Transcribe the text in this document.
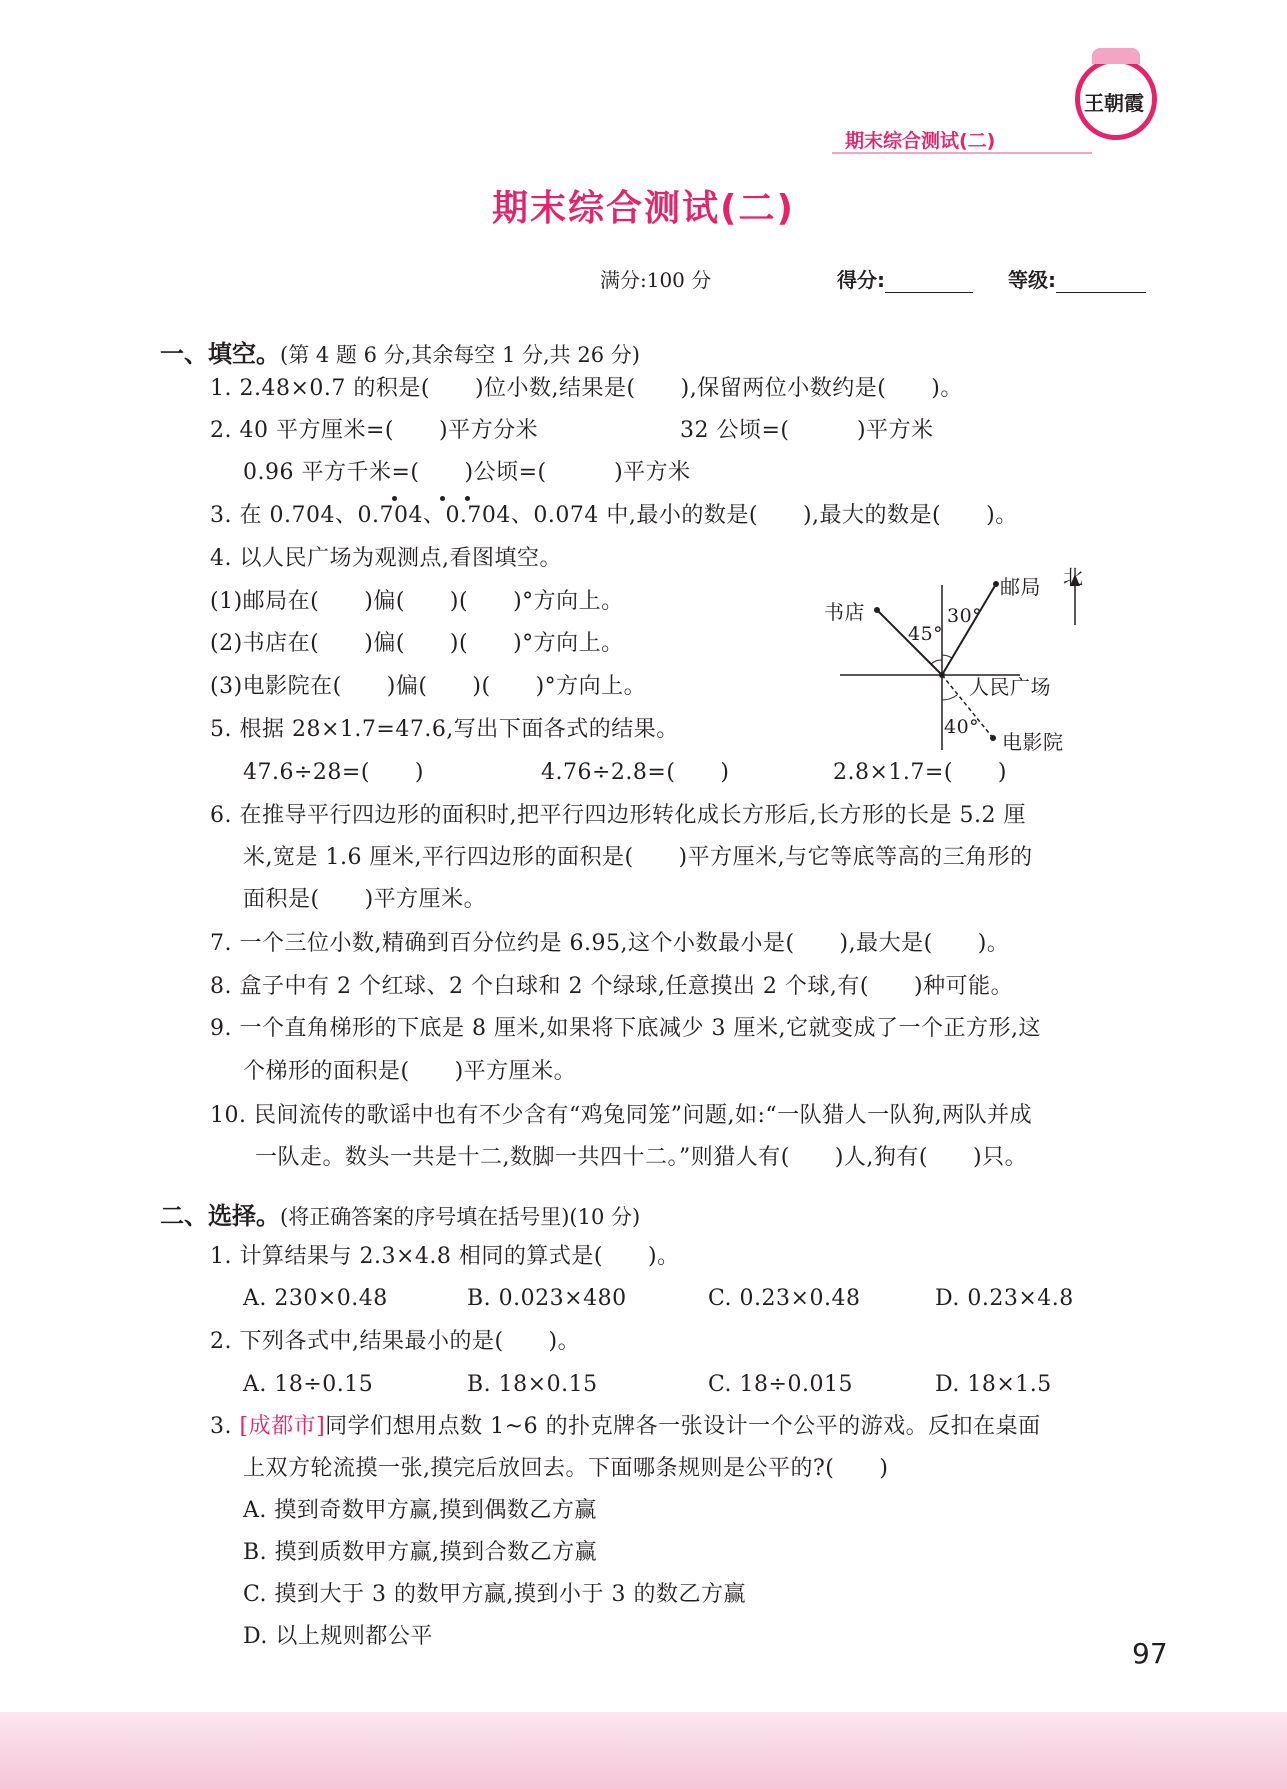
王朝霞
期末综合测试(二)
期末综合测试(二)
满分:100 分	得分:	等级:
一、填空。(第 4 题 6 分,其余每空 1 分,共 26 分)
1. 2.48×0.7 的积是(　　)位小数,结果是(　　),保留两位小数约是(　　)。
2. 40 平方厘米=(　　)平方分米	32 公顷=(　　　)平方米
0.96 平方千米=(　　)公顷=(　　　)平方米
3. 在 0.704、0.704、0.704、0.074 中,最小的数是(　　),最大的数是(　　)。
4. 以人民广场为观测点,看图填空。
(1)邮局在(　　)偏(　　)(　　)°方向上。
(2)书店在(　　)偏(　　)(　　)°方向上。
(3)电影院在(　　)偏(　　)(　　)°方向上。
北
邮局
书店
人民广场
电影院
30°
45°
40°
5. 根据 28×1.7=47.6,写出下面各式的结果。
47.6÷28=(　　)	4.76÷2.8=(　　)	2.8×1.7=(　　)
6. 在推导平行四边形的面积时,把平行四边形转化成长方形后,长方形的长是 5.2 厘
米,宽是 1.6 厘米,平行四边形的面积是(　　)平方厘米,与它等底等高的三角形的
面积是(　　)平方厘米。
7. 一个三位小数,精确到百分位约是 6.95,这个小数最小是(　　),最大是(　　)。
8. 盒子中有 2 个红球、2 个白球和 2 个绿球,任意摸出 2 个球,有(　　)种可能。
9. 一个直角梯形的下底是 8 厘米,如果将下底减少 3 厘米,它就变成了一个正方形,这
个梯形的面积是(　　)平方厘米。
10. 民间流传的歌谣中也有不少含有“鸡兔同笼”问题,如:“一队猎人一队狗,两队并成
一队走。数头一共是十二,数脚一共四十二。”则猎人有(　　)人,狗有(　　)只。
二、选择。(将正确答案的序号填在括号里)(10 分)
1. 计算结果与 2.3×4.8 相同的算式是(　　)。
A. 230×0.48	B. 0.023×480	C. 0.23×0.48	D. 0.23×4.8
2. 下列各式中,结果最小的是(　　)。
A. 18÷0.15	B. 18×0.15	C. 18÷0.015	D. 18×1.5
3. [成都市]同学们想用点数 1~6 的扑克牌各一张设计一个公平的游戏。反扣在桌面
上双方轮流摸一张,摸完后放回去。下面哪条规则是公平的?(　　)
A. 摸到奇数甲方赢,摸到偶数乙方赢
B. 摸到质数甲方赢,摸到合数乙方赢
C. 摸到大于 3 的数甲方赢,摸到小于 3 的数乙方赢
D. 以上规则都公平
97
